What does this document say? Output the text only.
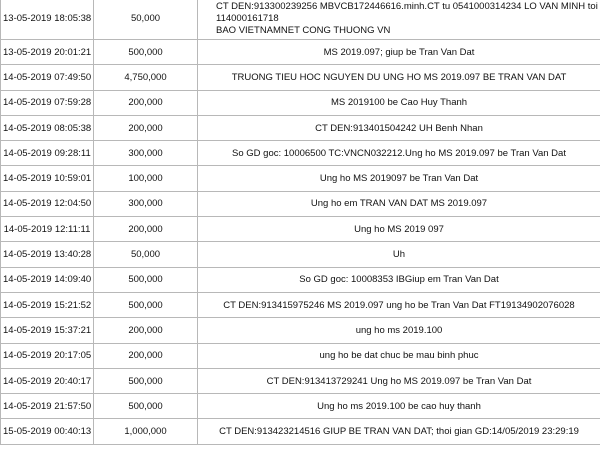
13-05-2019 18:05:38	50,000	CT DEN:913300239256 MBVCB172446616.minh.CT tu 0541000314234 LO VAN MINH toi 114000161718
BAO VIETNAMNET CONG THUONG VN

13-05-2019 20:01:21	500,000	MS 2019.097; giup be Tran Van Dat
14-05-2019 07:49:50	4,750,000	TRUONG TIEU HOC NGUYEN DU UNG HO MS 2019.097 BE TRAN VAN DAT
14-05-2019 07:59:28	200,000	MS 2019100 be Cao Huy Thanh
14-05-2019 08:05:38	200,000	CT DEN:913401504242 UH Benh Nhan
14-05-2019 09:28:11	300,000	So GD goc: 10006500 TC:VNCN032212.Ung ho MS 2019.097 be Tran Van Dat
14-05-2019 10:59:01	100,000	Ung ho MS 2019097 be Tran Van Dat
14-05-2019 12:04:50	300,000	Ung ho em TRAN VAN DAT MS 2019.097
14-05-2019 12:11:11	200,000	Ung ho MS 2019 097
14-05-2019 13:40:28	50,000	Uh
14-05-2019 14:09:40	500,000	So GD goc: 10008353 IBGiup em Tran Van Dat
14-05-2019 15:21:52	500,000	CT DEN:913415975246 MS 2019.097 ung ho be Tran Van Dat FT19134902076028
14-05-2019 15:37:21	200,000	ung ho ms 2019.100
14-05-2019 20:17:05	200,000	ung ho be dat chuc be mau binh phuc
14-05-2019 20:40:17	500,000	CT DEN:913413729241 Ung ho MS 2019.097 be Tran Van Dat
14-05-2019 21:57:50	500,000	Ung ho ms 2019.100 be cao huy thanh
15-05-2019 00:40:13	1,000,000	CT DEN:913423214516 GIUP BE TRAN VAN DAT; thoi gian GD:14/05/2019 23:29:19
